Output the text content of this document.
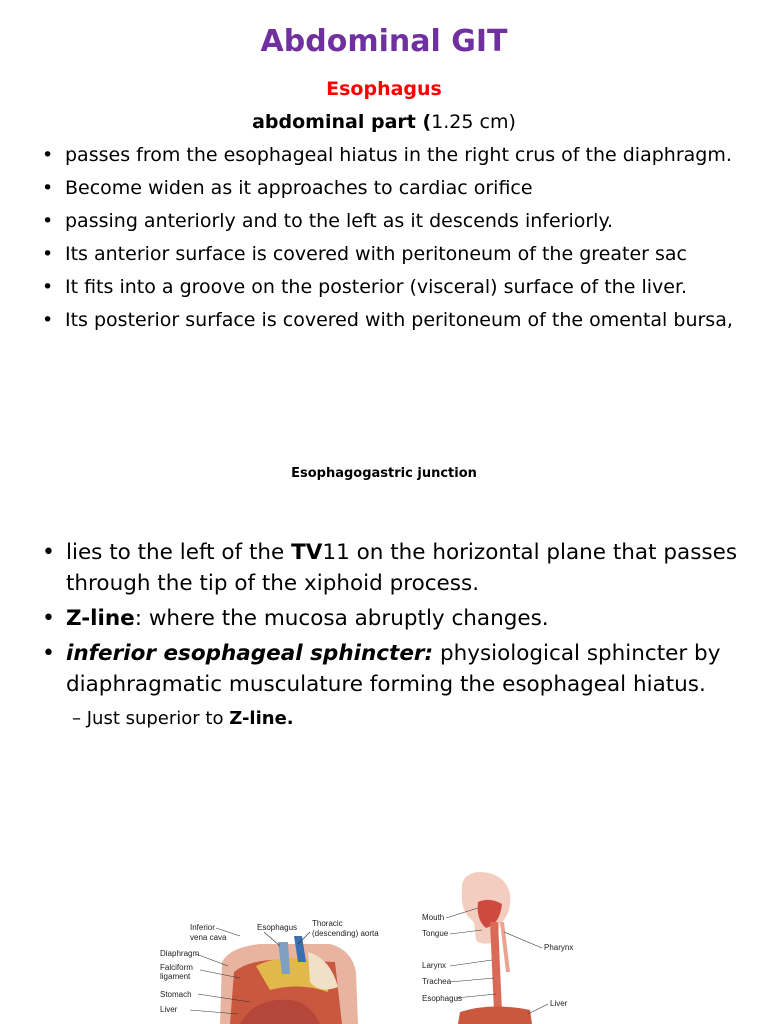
Abdominal GIT
Esophagus
abdominal part (1.25 cm)
• passes from the esophageal hiatus in the right crus of the diaphragm.
• Become widen as it approaches to cardiac orifice
• passing anteriorly and to the left as it descends inferiorly.
• Its anterior surface is covered with peritoneum of the greater sac
• It fits into a groove on the posterior (visceral) surface of the liver.
• Its posterior surface is covered with peritoneum of the omental bursa,
Esophagogastric junction
• lies to the left of the TV11 on the horizontal plane that passes through the tip of the xiphoid process.
• Z-line: where the mucosa abruptly changes.
• inferior esophageal sphincter: physiological sphincter by diaphragmatic musculature forming the esophageal hiatus.
– Just superior to Z-line.
Inferior
vena cava
Esophagus Thoracic
(descending) aorta
Diaphragm
Falciform
ligament
Stomach
Liver
Mouth
Tongue
Pharynx
Larynx
Trachea
Esophagus
Liver
